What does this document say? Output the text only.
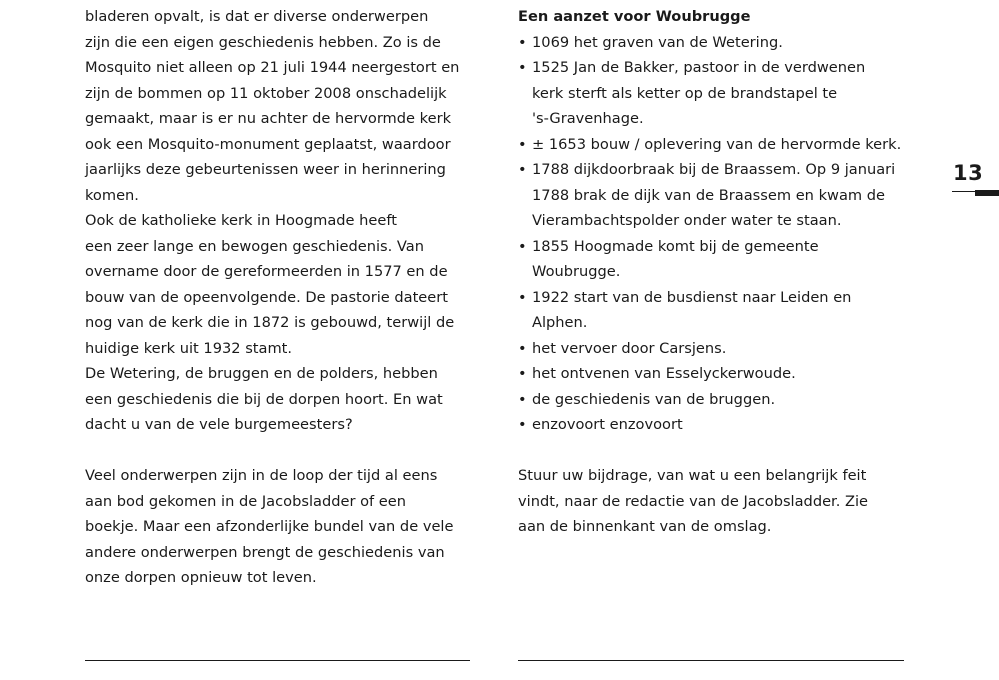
bladeren opvalt, is dat er diverse onderwerpen
zijn die een eigen geschiedenis hebben. Zo is de
Mosquito niet alleen op 21 juli 1944 neergestort en
zijn de bommen op 11 oktober 2008 onschadelijk
gemaakt, maar is er nu achter de hervormde kerk
ook een Mosquito-monument geplaatst, waardoor
jaarlijks deze gebeurtenissen weer in herinnering
komen.
Ook de katholieke kerk in Hoogmade heeft
een zeer lange en bewogen geschiedenis. Van
overname door de gereformeerden in 1577 en de
bouw van de opeenvolgende. De pastorie dateert
nog van de kerk die in 1872 is gebouwd, terwijl de
huidige kerk uit 1932 stamt.
De Wetering, de bruggen en de polders, hebben
een geschiedenis die bij de dorpen hoort. En wat
dacht u van de vele burgemeesters?
Veel onderwerpen zijn in de loop der tijd al eens
aan bod gekomen in de Jacobsladder of een
boekje. Maar een afzonderlijke bundel van de vele
andere onderwerpen brengt de geschiedenis van
onze dorpen opnieuw tot leven.
Een aanzet voor Woubrugge
• 1069 het graven van de Wetering.
• 1525 Jan de Bakker, pastoor in de verdwenen
kerk sterft als ketter op de brandstapel te
's-Gravenhage.
• ± 1653 bouw / oplevering van de hervormde kerk.
• 1788 dijkdoorbraak bij de Braassem. Op 9 januari
1788 brak de dijk van de Braassem en kwam de
Vierambachtspolder onder water te staan.
• 1855 Hoogmade komt bij de gemeente
Woubrugge.
• 1922 start van de busdienst naar Leiden en
Alphen.
• het vervoer door Carsjens.
• het ontvenen van Esselyckerwoude.
• de geschiedenis van de bruggen.
• enzovoort enzovoort
Stuur uw bijdrage, van wat u een belangrijk feit
vindt, naar de redactie van de Jacobsladder. Zie
aan de binnenkant van de omslag.
13
